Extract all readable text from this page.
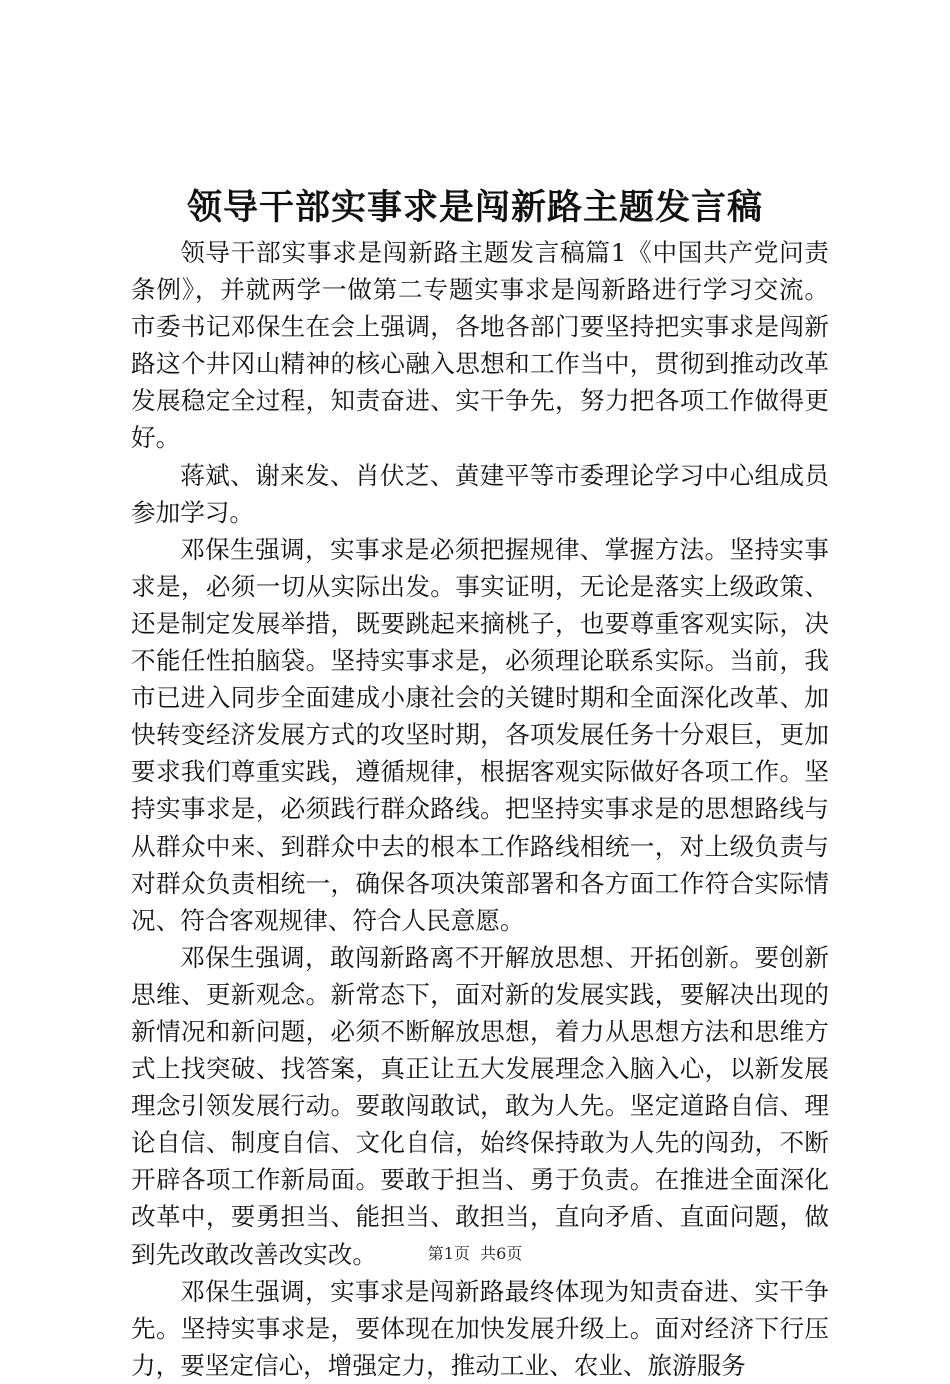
领导干部实事求是闯新路主题发言稿

领导干部实事求是闯新路主题发言稿篇1《中国共产党问责条例》，并就两学一做第二专题实事求是闯新路进行学习交流。市委书记邓保生在会上强调，各地各部门要坚持把实事求是闯新路这个井冈山精神的核心融入思想和工作当中，贯彻到推动改革发展稳定全过程，知责奋进、实干争先，努力把各项工作做得更好。

蒋斌、谢来发、肖伏芝、黄建平等市委理论学习中心组成员参加学习。

邓保生强调，实事求是必须把握规律、掌握方法。坚持实事求是，必须一切从实际出发。事实证明，无论是落实上级政策、还是制定发展举措，既要跳起来摘桃子，也要尊重客观实际，决不能任性拍脑袋。坚持实事求是，必须理论联系实际。当前，我市已进入同步全面建成小康社会的关键时期和全面深化改革、加快转变经济发展方式的攻坚时期，各项发展任务十分艰巨，更加要求我们尊重实践，遵循规律，根据客观实际做好各项工作。坚持实事求是，必须践行群众路线。把坚持实事求是的思想路线与从群众中来、到群众中去的根本工作路线相统一，对上级负责与对群众负责相统一，确保各项决策部署和各方面工作符合实际情况、符合客观规律、符合人民意愿。

邓保生强调，敢闯新路离不开解放思想、开拓创新。要创新思维、更新观念。新常态下，面对新的发展实践，要解决出现的新情况和新问题，必须不断解放思想，着力从思想方法和思维方式上找突破、找答案，真正让五大发展理念入脑入心，以新发展理念引领发展行动。要敢闯敢试，敢为人先。坚定道路自信、理论自信、制度自信、文化自信，始终保持敢为人先的闯劲，不断开辟各项工作新局面。要敢于担当、勇于负责。在推进全面深化改革中，要勇担当、能担当、敢担当，直向矛盾、直面问题，做到先改敢改善改实改。

邓保生强调，实事求是闯新路最终体现为知责奋进、实干争先。坚持实事求是，要体现在加快发展升级上。面对经济下行压力，要坚定信心，增强定力，推动工业、农业、旅游服务

第1页 共6页
